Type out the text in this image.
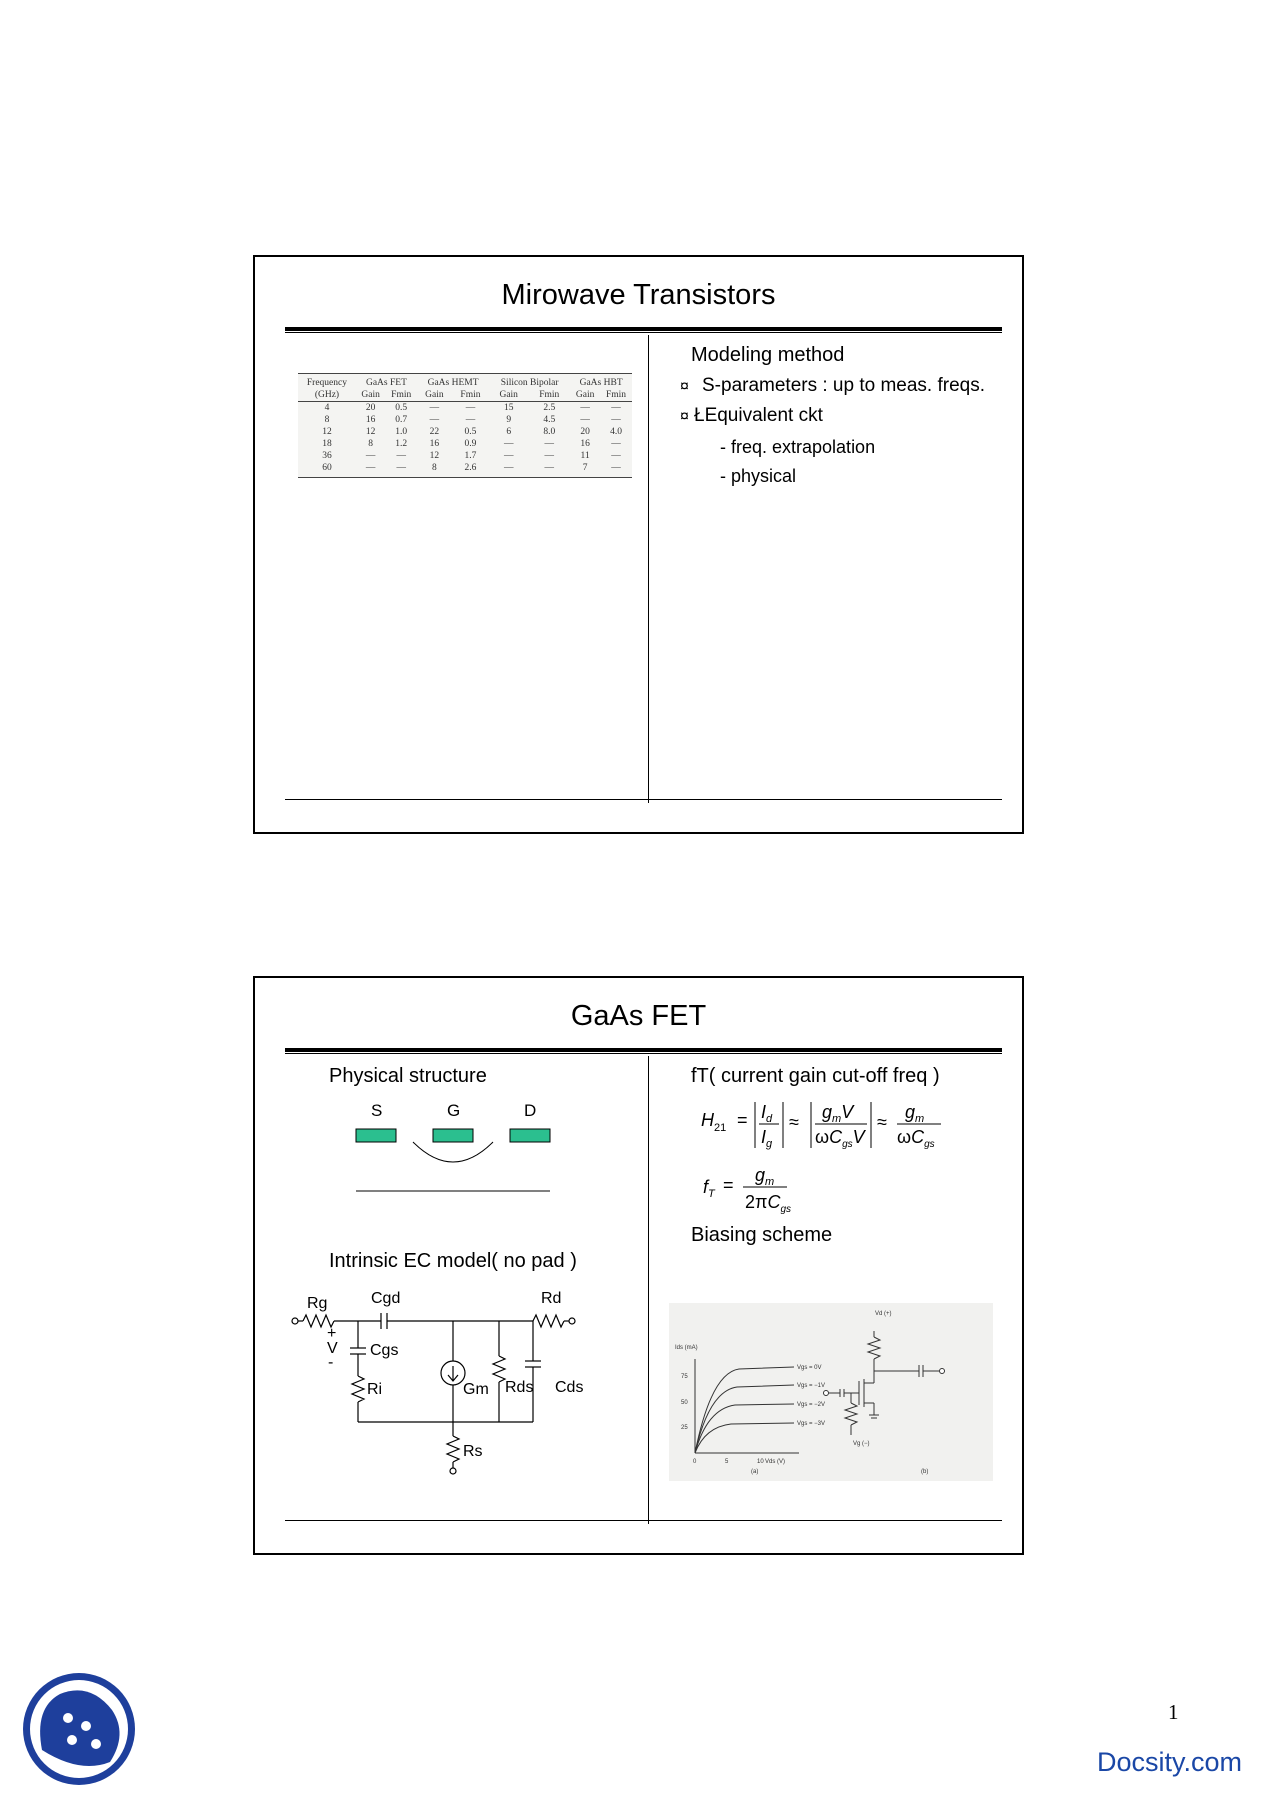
Mirowave Transistors
Frequency	GaAs FET		GaAs HEMT		Silicon Bipolar		GaAs HBT	
(GHz)	Gain	Fmin	Gain	Fmin	Gain	Fmin	Gain	Fmin
4	20	0.5	—	—	15	2.5	—	—
8	16	0.7	—	—	9	4.5	—	—
12	12	1.0	22	0.5	6	8.0	20	4.0
18	8	1.2	16	0.9	—	—	16	—
36	—	—	12	1.7	—	—	11	—
60	—	—	8	2.6	—	—	7	—
Modeling method
¤ S-parameters : up to meas. freqs.
¤ ŁEquivalent ckt
- freq. extrapolation
- physical
GaAs FET
Physical structure
S	G	D
Intrinsic EC model( no pad )
Rg	Cgd	Rd
+
V
-
Cgs
Ri	Gm Rds Cds
Rs
fT( current gain cut-off freq )
$H_{21} = I_d$
$I_g$
≈ $g_mV$
$\omega C_{gs}V$
≈ $g_m$
$\omega C_{gs}$
$f_T = g_m$
$2\pi C_{gs}$
Biasing scheme
Ids (mA)
Vds (V)
75
50
25
0	5	10
Vgs = 0V
Vgs = −1V
Vgs = −2V
Vgs = −3V
(a)	(b)
Vd (+)
Vg (−)
1
Docsity.com
